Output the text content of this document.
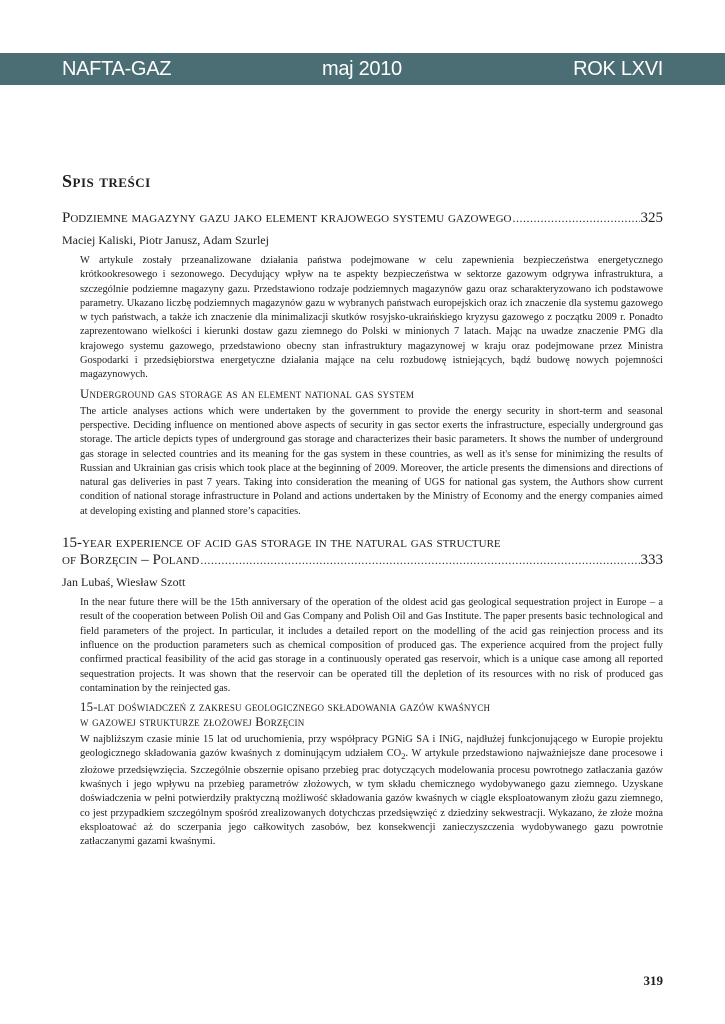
NAFTA-GAZ	maj 2010	ROK LXVI
Spis treści
Podziemne magazyny gazu jako element krajowego systemu gazowego .....	325
Maciej Kaliski, Piotr Janusz, Adam Szurlej
W artykule zostały przeanalizowane działania państwa podejmowane w celu zapewnienia bezpieczeństwa energetycznego krótkookresowego i sezonowego. Decydujący wpływ na te aspekty bezpieczeństwa w sektorze gazowym odgrywa infrastruktura, a szczególnie podziemne magazyny gazu. Przedstawiono rodzaje podziemnych magazynów gazu oraz scharakteryzowano ich podstawowe parametry. Ukazano liczbę podziemnych magazynów gazu w wybranych państwach europejskich oraz ich znaczenie dla systemu gazowego w tych państwach, a także ich znaczenie dla minimalizacji skutków rosyjsko-ukraińskiego kryzysu gazowego z początku 2009 r. Ponadto zaprezentowano wielkości i kierunki dostaw gazu ziemnego do Polski w minionych 7 latach. Mając na uwadze znaczenie PMG dla krajowego systemu gazowego, przedstawiono obecny stan infrastruktury magazynowej w kraju oraz podejmowane przez Ministra Gospodarki i przedsiębiorstwa energetyczne działania mające na celu rozbudowę istniejących, bądź budowę nowych pojemności magazynowych.
Underground gas storage as an element national gas system
The article analyses actions which were undertaken by the government to provide the energy security in short-term and seasonal perspective. Deciding influence on mentioned above aspects of security in gas sector exerts the infrastructure, especially underground gas storage. The article depicts types of underground gas storage and characterizes their basic parameters. It shows the number of underground gas storage in selected countries and its meaning for the gas system in these countries, as well as it's sense for minimizing the results of Russian and Ukrainian gas crisis which took place at the beginning of 2009. Moreover, the article presents the dimensions and directions of natural gas deliveries in past 7 years. Taking into consideration the meaning of UGS for national gas system, the Authors show current condition of national storage infrastructure in Poland and actions undertaken by the Ministry of Economy and the energy companies aimed at developing existing and planned store’s capacities.
15-year experience of acid gas storage in the natural gas structure
of Borzęcin – Poland .....	333
Jan Lubaś, Wiesław Szott
In the near future there will be the 15th anniversary of the operation of the oldest acid gas geological sequestration project in Europe – a result of the cooperation between Polish Oil and Gas Company and Polish Oil and Gas Institute. The paper presents basic technological and field parameters of the project. In particular, it includes a detailed report on the modelling of the acid gas reinjection process and its influence on the production parameters such as chemical composition of produced gas. The experience acquired from the project fully confirmed practical feasibility of the acid gas storage in a continuously operated gas reservoir, which is a unique case among all reported sequestration projects. It was shown that the reservoir can be operated till the depletion of its resources with no risk of produced gas contamination by the reinjected gas.
15-lat doświadczeń z zakresu geologicznego składowania gazów kwaśnych
w gazowej strukturze złożowej Borzęcin
W najbliższym czasie minie 15 lat od uruchomienia, przy współpracy PGNiG SA i INiG, najdłużej funkcjonującego w Europie projektu geologicznego składowania gazów kwaśnych z dominującym udziałem $CO_2$. W artykule przedstawiono najważniejsze dane procesowe i złożowe przedsięwzięcia. Szczególnie obszernie opisano przebieg prac dotyczących modelowania procesu powrotnego zatłaczania gazów kwaśnych i jego wpływu na przebieg parametrów złożowych, w tym składu chemicznego wydobywanego gazu ziemnego. Uzyskane doświadczenia w pełni potwierdziły praktyczną możliwość składowania gazów kwaśnych w ciągle eksploatowanym złożu gazu ziemnego, co jest przypadkiem szczególnym spośród zrealizowanych dotychczas przedsięwzięć z dziedziny sekwestracji. Wykazano, że złoże można eksploatować aż do sczerpania jego całkowitych zasobów, bez konsekwencji zanieczyszczenia wydobywanego gazu powrotnie zatłaczanymi gazami kwaśnymi.
319
